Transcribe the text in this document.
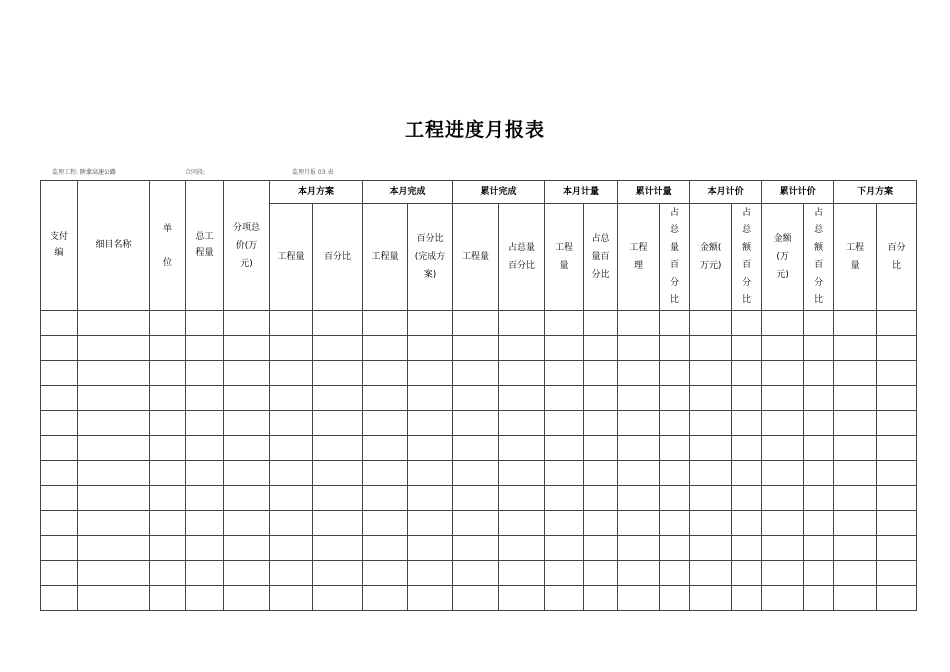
工程进度月报表
监理工程: 陕蒙高速公路	合同段:	监理月报 03 表
支付编	细目名称	单位	总工程量	分项总价(万元)	本月方案		本月完成		累计完成		本月计量		累计计量		本月计价		累计计价		下月方案	
					工程量	百分比	工程量	百分比(完成方案)	工程量	占总量百分比	工程量	占总量百分比	工程理	占总量百分比	金额( 万元)	占总额百分比	金额(万元)	占总额百分比	工程量	百分比
